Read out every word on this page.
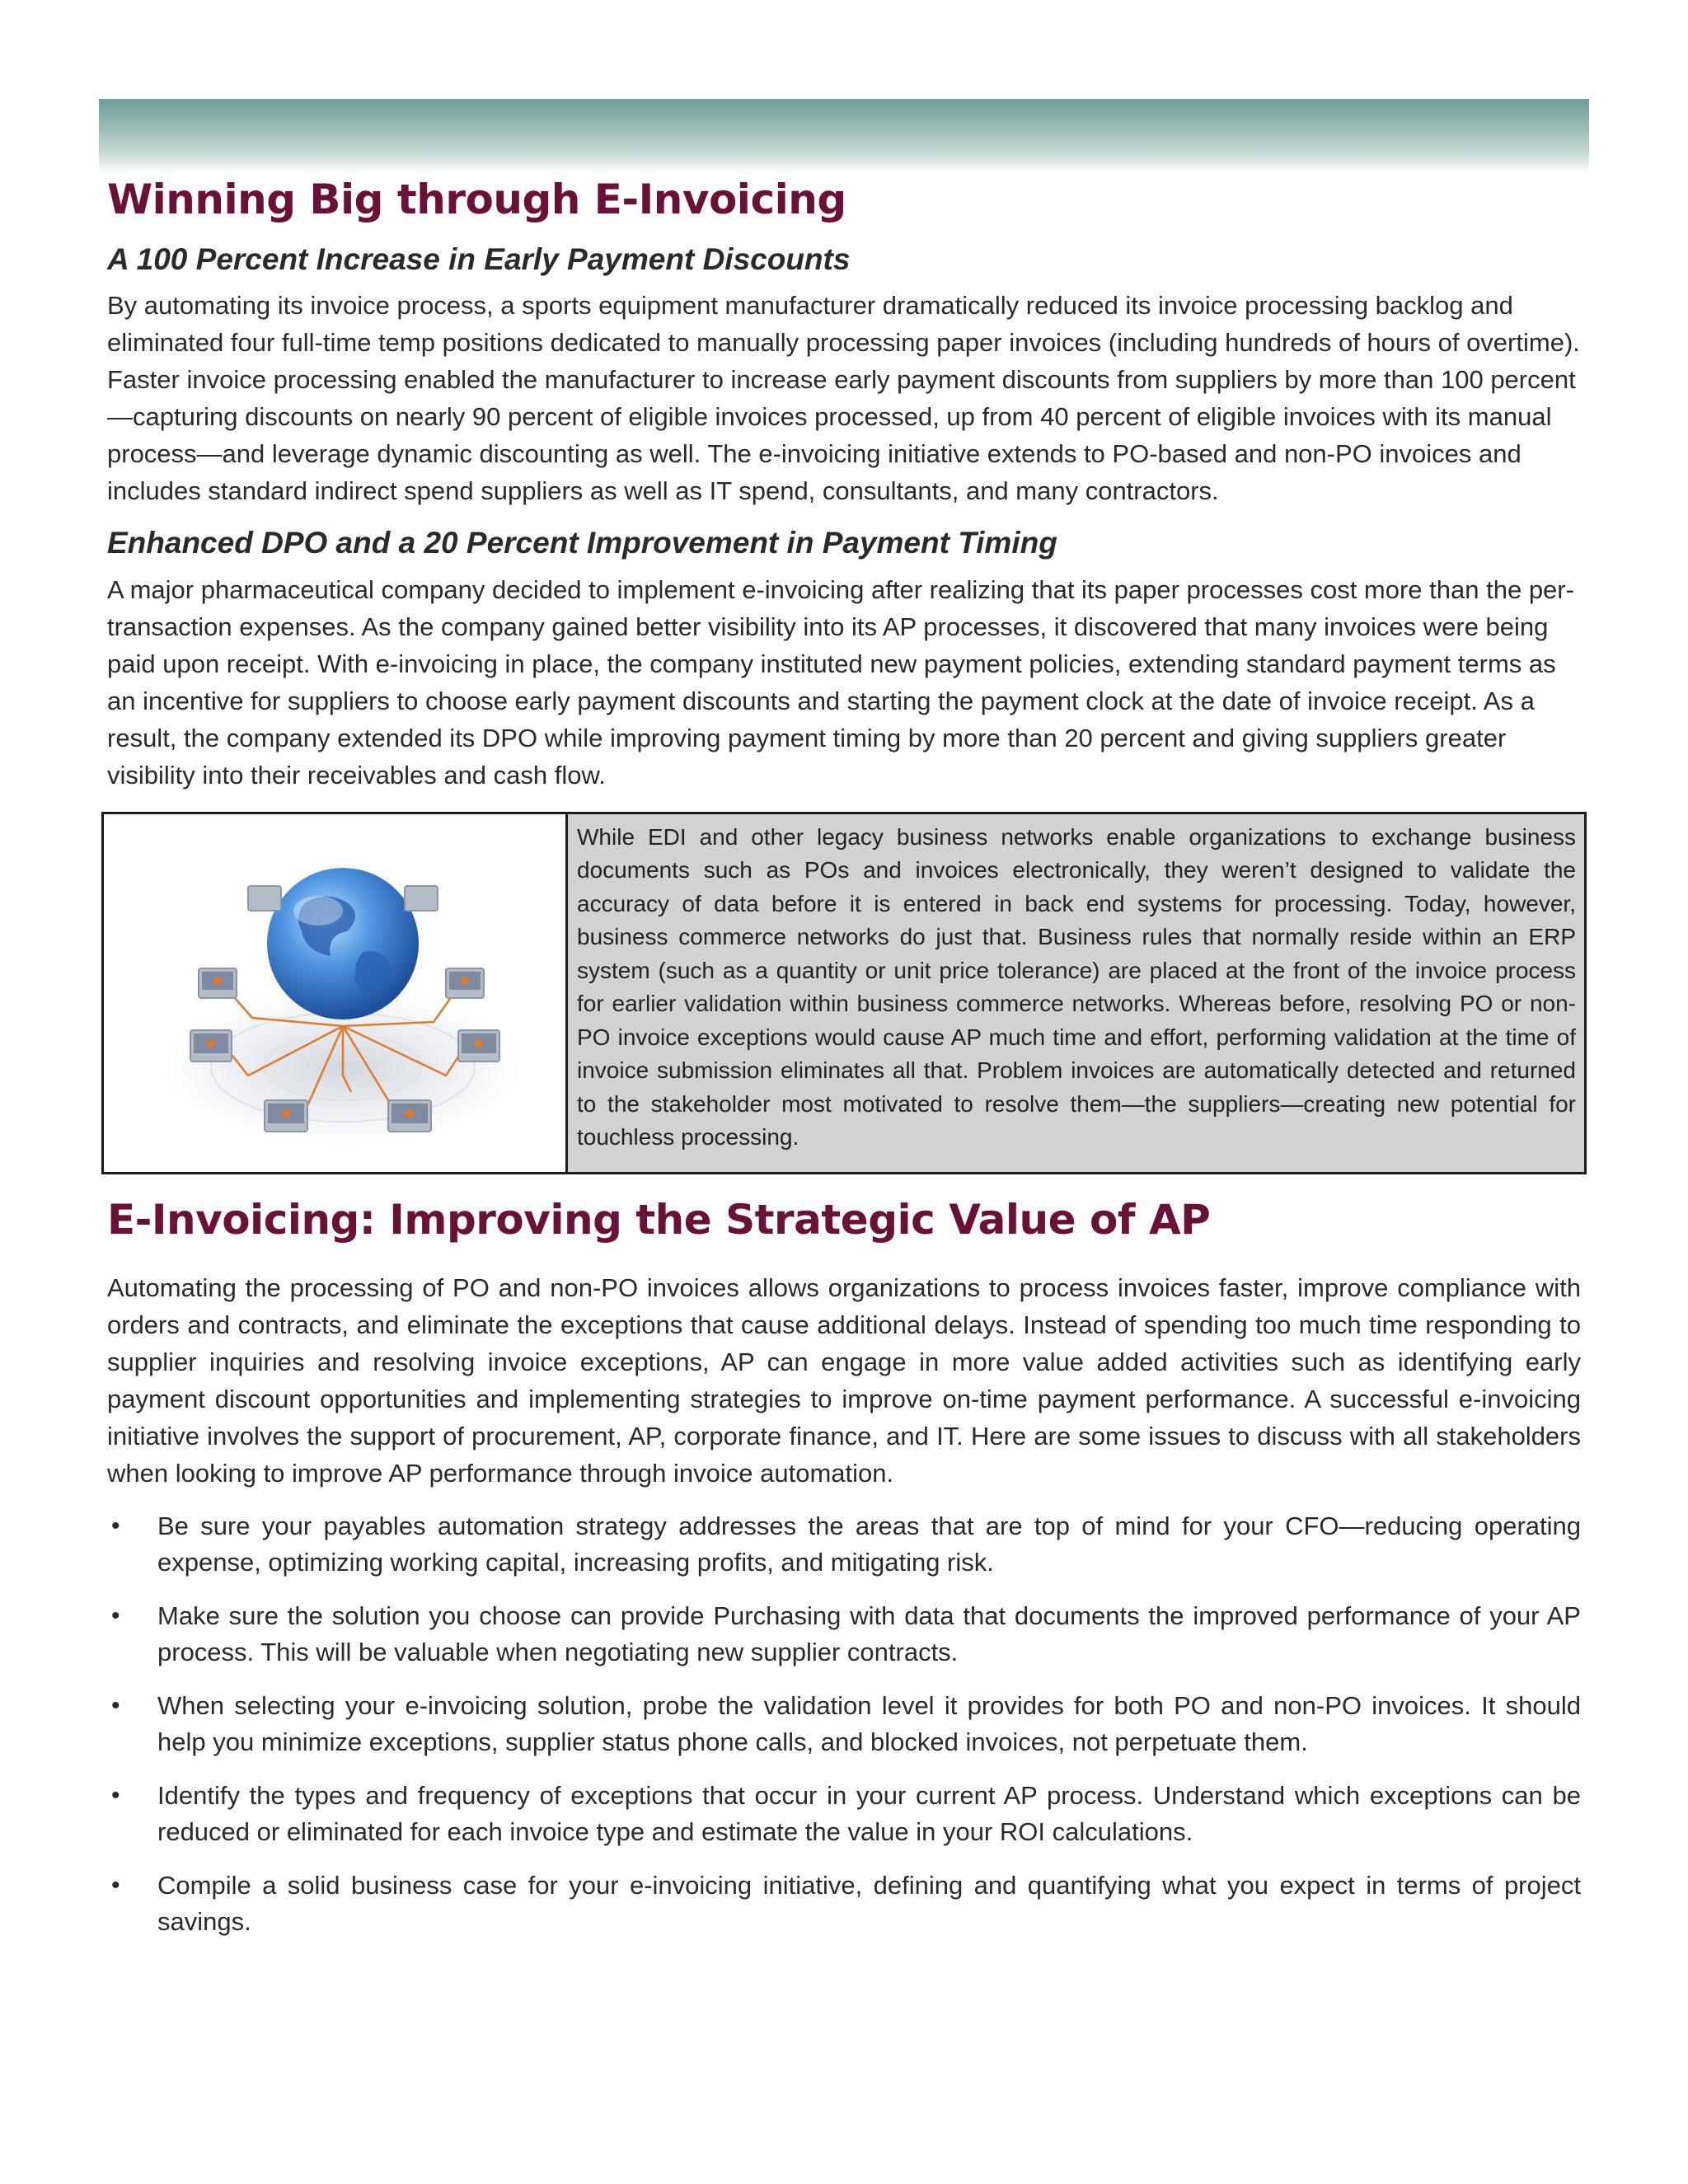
Winning Big through E-Invoicing
A 100 Percent Increase in Early Payment Discounts

By automating its invoice process, a sports equipment manufacturer dramatically reduced its invoice processing backlog and eliminated four full-time temp positions dedicated to manually processing paper invoices (including hundreds of hours of overtime). Faster invoice processing enabled the manufacturer to increase early payment discounts from suppliers by more than 100 percent—capturing discounts on nearly 90 percent of eligible invoices processed, up from 40 percent of eligible invoices with its manual process—and leverage dynamic discounting as well. The e-invoicing initiative extends to PO-based and non-PO invoices and includes standard indirect spend suppliers as well as IT spend, consultants, and many contractors.

Enhanced DPO and a 20 Percent Improvement in Payment Timing

A major pharmaceutical company decided to implement e-invoicing after realizing that its paper processes cost more than the per-transaction expenses. As the company gained better visibility into its AP processes, it discovered that many invoices were being paid upon receipt. With e-invoicing in place, the company instituted new payment policies, extending standard payment terms as an incentive for suppliers to choose early payment discounts and starting the payment clock at the date of invoice receipt. As a result, the company extended its DPO while improving payment timing by more than 20 percent and giving suppliers greater visibility into their receivables and cash flow.

While EDI and other legacy business networks enable organizations to exchange business documents such as POs and invoices electronically, they weren’t designed to validate the accuracy of data before it is entered in back end systems for processing. Today, however, business commerce networks do just that. Business rules that normally reside within an ERP system (such as a quantity or unit price tolerance) are placed at the front of the invoice process for earlier validation within business commerce networks. Whereas before, resolving PO or non-PO invoice exceptions would cause AP much time and effort, performing validation at the time of invoice submission eliminates all that. Problem invoices are automatically detected and returned to the stakeholder most motivated to resolve them—the suppliers—creating new potential for touchless processing.
E-Invoicing: Improving the Strategic Value of AP

Automating the processing of PO and non-PO invoices allows organizations to process invoices faster, improve compliance with orders and contracts, and eliminate the exceptions that cause additional delays. Instead of spending too much time responding to supplier inquiries and resolving invoice exceptions, AP can engage in more value added activities such as identifying early payment discount opportunities and implementing strategies to improve on-time payment performance. A successful e-invoicing initiative involves the support of procurement, AP, corporate finance, and IT. Here are some issues to discuss with all stakeholders when looking to improve AP performance through invoice automation.

• Be sure your payables automation strategy addresses the areas that are top of mind for your CFO—reducing operating expense, optimizing working capital, increasing profits, and mitigating risk.
• Make sure the solution you choose can provide Purchasing with data that documents the improved performance of your AP process. This will be valuable when negotiating new supplier contracts.
• When selecting your e-invoicing solution, probe the validation level it provides for both PO and non-PO invoices. It should help you minimize exceptions, supplier status phone calls, and blocked invoices, not perpetuate them.
• Identify the types and frequency of exceptions that occur in your current AP process. Understand which exceptions can be reduced or eliminated for each invoice type and estimate the value in your ROI calculations.
• Compile a solid business case for your e-invoicing initiative, defining and quantifying what you expect in terms of project savings.
